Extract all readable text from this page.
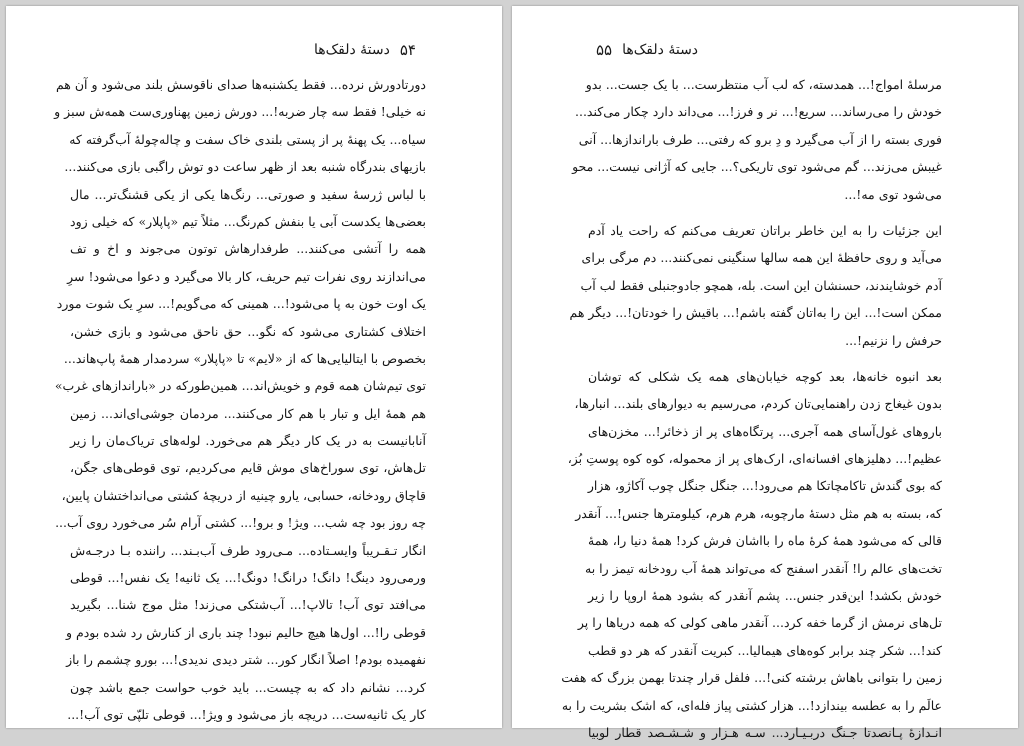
۵۴
دستهٔ دلقک‌ها
دورتادورش نرده... فقط یکشنبه‌ها صدای ناقوسش بلند می‌شود و آن هم
نه خیلی! فقط سه چار ضربه!... دورش زمین پهناوری‌ست همه‌ش سبز و
سیاه... یک پهنهٔ پر از پستی بلندی خاک سفت و چاله‌چولهٔ آب‌گرفته که
بازیهای بندرگاه شنبه بعد از ظهر ساعت دو توش راگبی بازی می‌کنند...
با لباس ژرسهٔ سفید و صورتی... رنگ‌ها یکی از یکی قشنگ‌تر... مال
بعضی‌ها یکدست آبی یا بنفش کم‌رنگ... مثلاً تیم «پاپلار» که خیلی زود
همه را آتشی می‌کنند... طرفدارهاش توتون می‌جوند و اخ و تف
می‌اندازند روی نفرات تیم حریف، کار بالا می‌گیرد و دعوا می‌شود! سرِ
یک اوت خون به پا می‌شود!... همینی که می‌گویم!... سرِ یک شوت مورد
اختلاف کشتاری می‌شود که نگو... حق ناحق می‌شود و بازی خشن،
بخصوص با ایتالیایی‌ها که از «لایم» تا «پاپلار» سردمدار همهٔ پاپ‌هاند...
توی تیم‌شان همه قوم و خویش‌اند... همین‌طورکه در «باراندازهای غرب»
هم همهٔ ایل و تبار با هم کار می‌کنند... مردمان جوشی‌ای‌اند... زمین
آنابانیست به در یک کار دیگر هم می‌خورد. لوله‌های تریاک‌مان را زیر
تل‌هاش، توی سوراخ‌های موش قایم می‌کردیم، توی قوطی‌های جگن،
قاچاق رودخانه، حسابی، یارو چینیه از دریچهٔ کشتی می‌انداختشان پایین،
چه روز بود چه شب... ویژ! و برو!... کشتی آرام سُر می‌خورد روی آب...
انگار تـقـریباً وایسـتاده... مـی‌رود طرف آب‌بـند... راننده بـا درجـه‌ش
ورمی‌رود دینگ! دانگ! درانگ! دونگ!... یک ثانیه! یک نفس!... قوطی
می‌افتد توی آب! تالاپ!... آب‌شتکی می‌زند! مثل موج شنا... بگیرید
قوطی را!... اول‌ها هیچ حالیم نبود! چند باری از کنارش رد شده بودم و
نفهمیده بودم! اصلاً انگار کور... شتر دیدی ندیدی!... بورو چشمم را باز
کرد... نشانم داد که به چیست... باید خوب حواست جمع باشد چون
کار یک ثانیه‌ست... دریچه باز می‌شود و ویژ!... قوطی تلپّی توی آب!...
۵۵ دستهٔ دلقک‌ها
مرسلهٔ امواج!... همدسته، که لب آب منتظرست... با یک جست... بدو
خودش را می‌رساند... سریع!... نر و فرز!... می‌داند دارد چکار می‌کند...
فوری بسته را از آب می‌گیرد و دِ برو که رفتی... طرف باراندازها... آنی
غیبش می‌زند... گم می‌شود توی تاریکی؟... جایی که آژانی نیست... محو
می‌شود توی مه!...
این جزئیات را به این خاطر براتان تعریف می‌کنم که راحت یاد آدم
می‌آید و روی حافظهٔ این همه سالها سنگینی نمی‌کنند... دم مرگی برای
آدم خوشایندند، حسنشان این است. بله، همچو جادوجنبلی فقط لب آب
ممکن است!... این را به‌اتان گفته باشم!... باقیش را خودتان!... دیگر هم
حرفش را نزنیم!...
بعد انبوه خانه‌ها، بعد کوچه خیابان‌های همه یک شکلی که توشان
بدون غیغاج زدن راهنمایی‌تان کردم، می‌رسیم به دیوارهای بلند... انبارها،
باروهای غول‌آسای همه آجری... پرتگاه‌های پر از ذخائر!... مخزن‌های
عظیم!... دهلیزهای افسانه‌ای، ارک‌های پر از محموله، کوه کوه پوستِ بُز،
که بوی گندش تاکامچاتکا هم می‌رود!... جنگل جنگل چوب آکاژو، هزار
که، بسته به هم مثل دستهٔ مارچوبه، هرم هرم، کیلومترها جنس!... آنقدر
قالی که می‌شود همهٔ کرهٔ ماه را بااشان فرش کرد! همهٔ دنیا را، همهٔ
تخت‌های عالم را! آنقدر اسفنج که می‌تواند همهٔ آب رودخانه تیمز را به
خودش بکشد! این‌قدر جنس... پشم آنقدر که بشود همهٔ اروپا را زیر
تل‌های نرمش از گرما خفه کرد... آنقدر ماهی کولی که همه دریاها را پر
کند!... شکر چند برابر کوه‌های هیمالیا... کبریت آنقدر که هر دو قطب
زمین را بتوانی باهاش برشته کنی!... فلفل قرار چندتا بهمن بزرگ که هفت
عالَم را به عطسه بیندازد!... هزار کشتی پیاز فله‌ای، که اشک بشریت را به
انـدازهٔ پـانصدتا جـنگ دربـیـارد... سـه هـزار و شـشـصد قطار لوبیا
